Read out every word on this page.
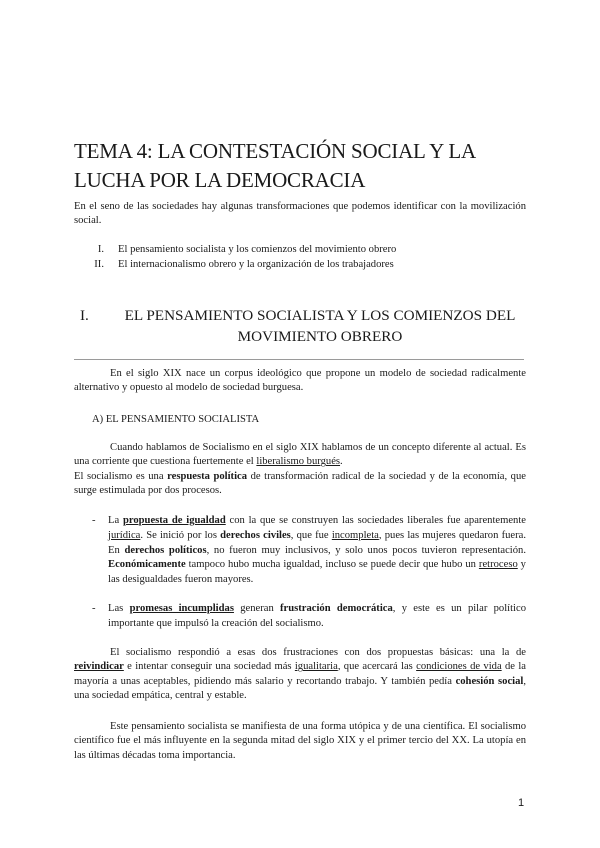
TEMA 4: LA CONTESTACIÓN SOCIAL Y LA LUCHA POR LA DEMOCRACIA

En el seno de las sociedades hay algunas transformaciones que podemos identificar con la movilización social.

I.	El pensamiento socialista y los comienzos del movimiento obrero
II.	El internacionalismo obrero y la organización de los trabajadores
I. EL PENSAMIENTO SOCIALISTA Y LOS COMIENZOS DEL MOVIMIENTO OBRERO

En el siglo XIX nace un corpus ideológico que propone un modelo de sociedad radicalmente alternativo y opuesto al modelo de sociedad burguesa.

A) EL PENSAMIENTO SOCIALISTA

Cuando hablamos de Socialismo en el siglo XIX hablamos de un concepto diferente al actual. Es una corriente que cuestiona fuertemente el liberalismo burgués.

El socialismo es una respuesta política de transformación radical de la sociedad y de la economía, que surge estimulada por dos procesos.

- La propuesta de igualdad con la que se construyen las sociedades liberales fue aparentemente jurídica. Se inició por los derechos civiles, que fue incompleta, pues las mujeres quedaron fuera. En derechos políticos, no fueron muy inclusivos, y solo unos pocos tuvieron representación. Económicamente tampoco hubo mucha igualdad, incluso se puede decir que hubo un retroceso y las desigualdades fueron mayores.
- Las promesas incumplidas generan frustración democrática, y este es un pilar político importante que impulsó la creación del socialismo.

El socialismo respondió a esas dos frustraciones con dos propuestas básicas: una la de reivindicar e intentar conseguir una sociedad más igualitaria, que acercará las condiciones de vida de la mayoría a unas aceptables, pidiendo más salario y recortando trabajo. Y también pedía cohesión social, una sociedad empática, central y estable.

Este pensamiento socialista se manifiesta de una forma utópica y de una científica. El socialismo científico fue el más influyente en la segunda mitad del siglo XIX y el primer tercio del XX. La utopía en las últimas décadas toma importancia.

1
